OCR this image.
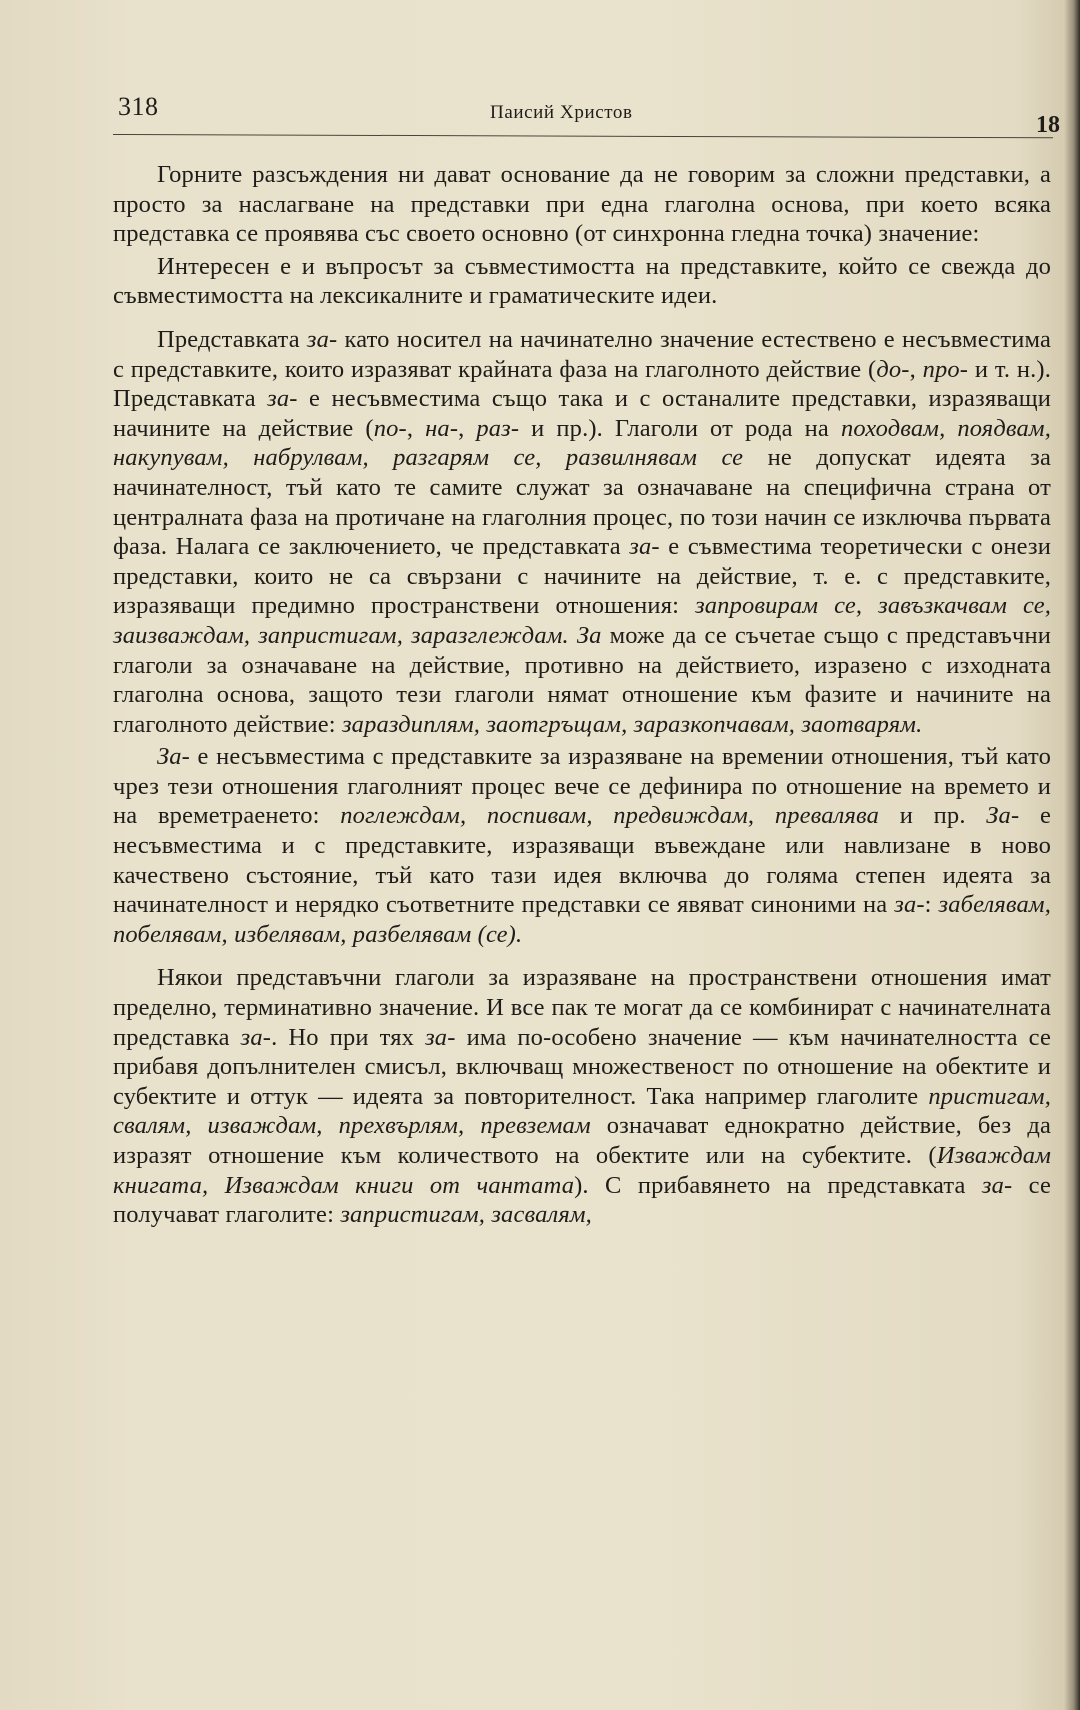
318	Паисий Христов	18

Горните разсъждения ни дават основание да не говорим за сложни представки, а просто за наслагване на представки при една глаголна основа, при което всяка представка се проявява със своето основно (от синхронна гледна точка) значение:

Интересен е и въпросът за съвместимостта на представките, който се свежда до съвместимостта на лексикалните и граматическите идеи.

Представката за- като носител на начинателно значение естествено е несъвместима с представките, които изразяват крайната фаза на глаголното действие (до-, про- и т. н.). Представката за- е несъвместима също така и с останалите представки, изразяващи начините на действие (по-, на-, раз- и пр.). Глаголи от рода на походвам, поядвам, накупувам, набрулвам, разгарям се, развилнявам се не допускат идеята за начинателност, тъй като те самите служат за означаване на специфична страна от централната фаза на протичане на глаголния процес, по този начин се изключва първата фаза. Налага се заключението, че представката за- е съвместима теоретически с онези представки, които не са свързани с начините на действие, т. е. с представките, изразяващи предимно пространствени отношения: запровирам се, завъзкачвам се, заизваждам, запристигам, заразглеждам. За може да се съчетае също с представъчни глаголи за означаване на действие, противно на действието, изразено с изходната глаголна основа, защото тези глаголи нямат отношение към фазите и начините на глаголното действие: зараздиплям, заотгръщам, заразкопчавам, заотварям.

За- е несъвместима с представките за изразяване на времении отношения, тъй като чрез тези отношения глаголният процес вече се дефинира по отношение на времето и на времетраенето: поглеждам, поспивам, предвиждам, превалява и пр. За- е несъвместима и с представките, изразяващи въвеждане или навлизане в ново качествено състояние, тъй като тази идея включва до голяма степен идеята за начинателност и нерядко съответните представки се явяват синоними на за-: забелявам, побелявам, избелявам, разбелявам (се).

Някои представъчни глаголи за изразяване на пространствени отношения имат пределно, терминативно значение. И все пак те могат да се комбинират с начинателната представка за-. Но при тях за- има по-особено значение — към начинателността се прибавя допълнителен смисъл, включващ множественост по отношение на обектите и субектите и оттук — идеята за повторителност. Така например глаголите пристигам, свалям, изваждам, прехвърлям, превземам означават еднократно действие, без да изразят отношение към количеството на обектите или на субектите. (Изваждам книгата, Изваждам книги от чантата). С прибавянето на представката за- се получават глаголите: запристигам, засвалям,
